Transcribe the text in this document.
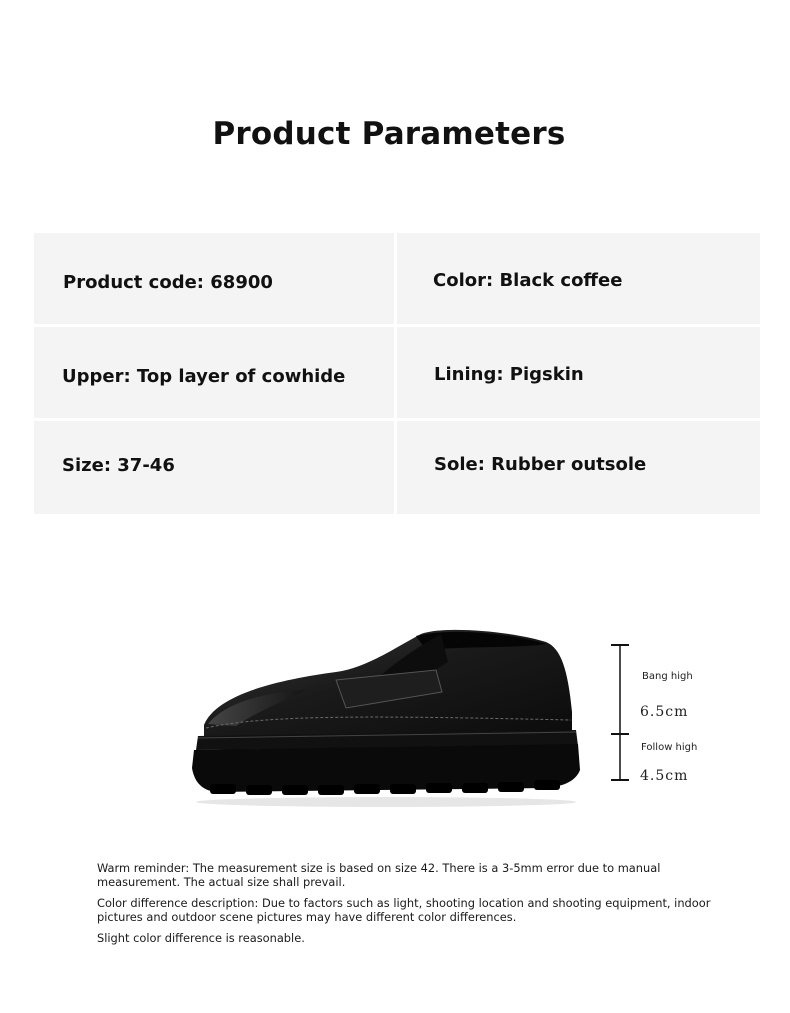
Product Parameters
Product code: 68900	Color: Black coffee
Upper: Top layer of cowhide	Lining: Pigskin
Size: 37-46	Sole: Rubber outsole
Bang high
6.5cm
Follow high
4.5cm

Warm reminder: The measurement size is based on size 42. There is a 3-5mm error due to manual measurement. The actual size shall prevail.

Color difference description: Due to factors such as light, shooting location and shooting equipment, indoor pictures and outdoor scene pictures may have different color differences.

Slight color difference is reasonable.
